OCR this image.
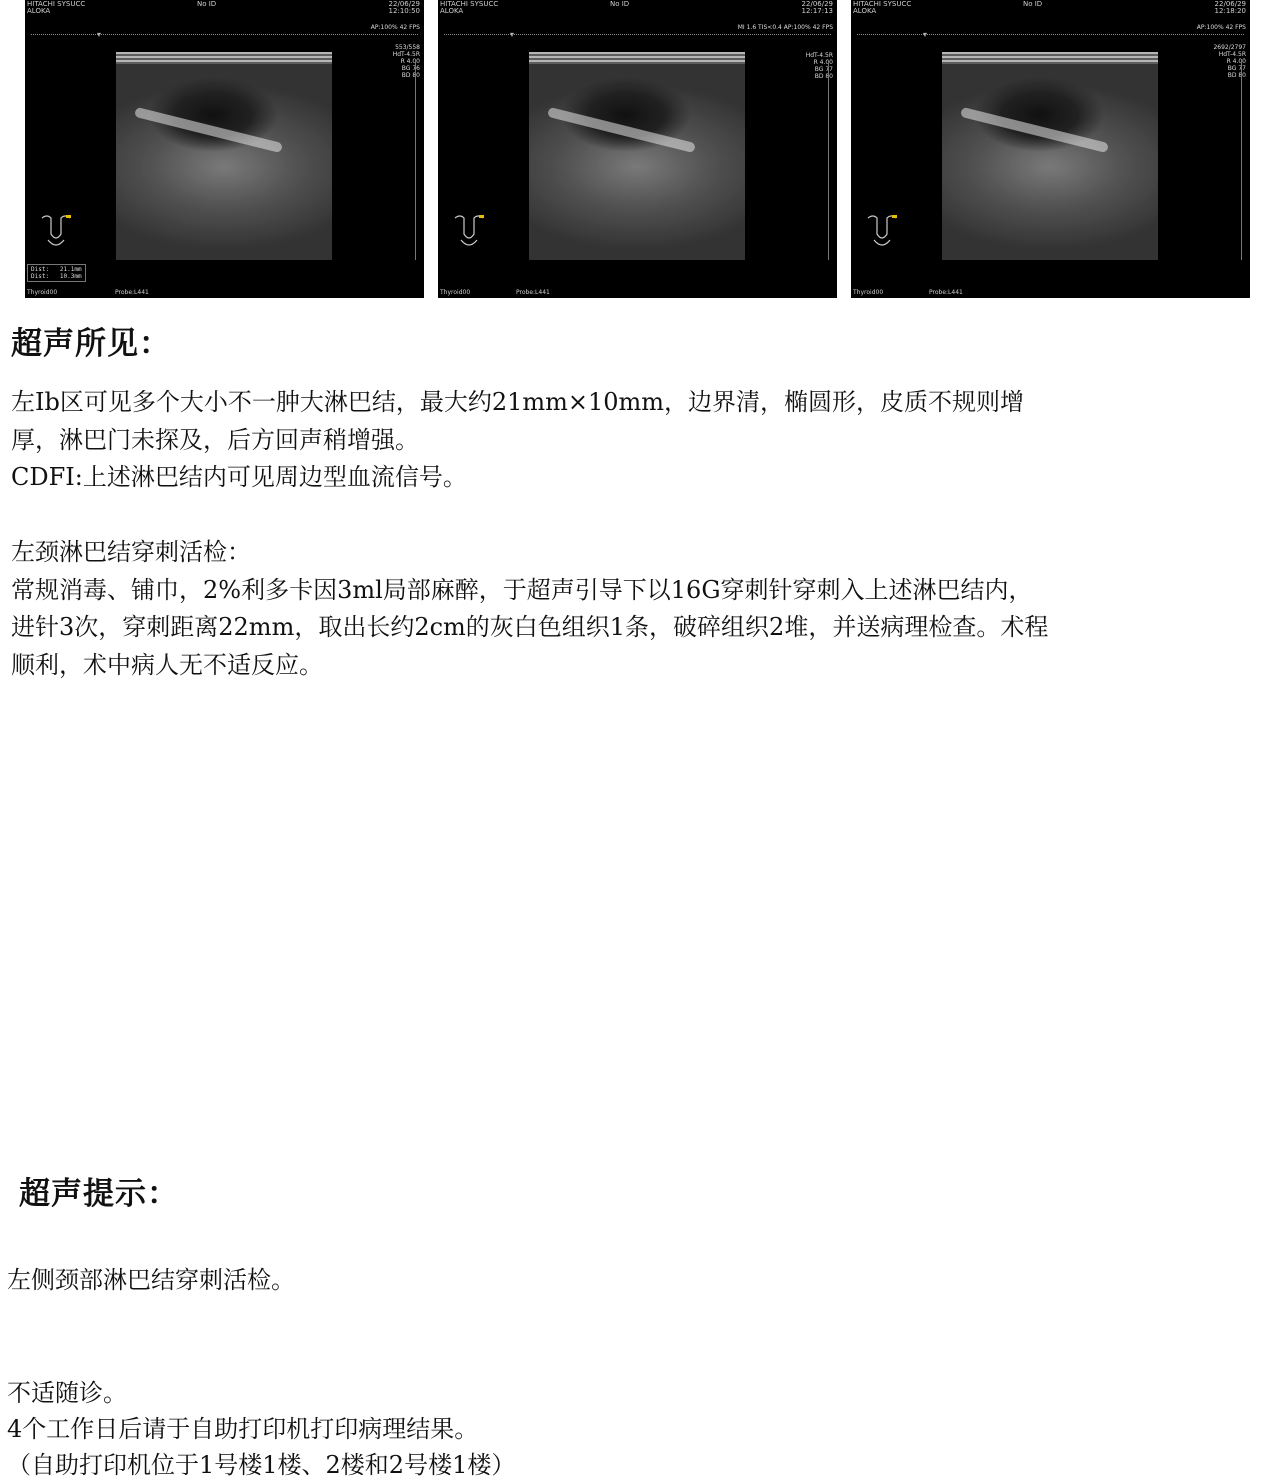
HITACHI SYSUCC
ALOKA
No ID	22/06/29
12:10:50
▾
AP:100% 42 FPS
553/558
HdT-4.5R
R 4.00
BG 76
BD 80
Dist:   21.1mm
Dist:   10.3mm
Thyroid00	Probe:L441
HITACHI SYSUCC
ALOKA
No ID	22/06/29
12:17:13
▾
MI 1.6 TIS<0.4 AP:100% 42 FPS
HdT-4.5R
R 4.00
BG 77
BD 80
Thyroid00	Probe:L441
HITACHI SYSUCC
ALOKA
No ID	22/06/29
12:18:20
▾
AP:100% 42 FPS
2692/2797
HdT-4.5R
R 4.00
BG 77
BD 80
Thyroid00	Probe:L441
超声所见：

左Ib区可见多个大小不一肿大淋巴结，最大约21mm×10mm，边界清，椭圆形，皮质不规则增

厚，淋巴门未探及，后方回声稍增强。

CDFI:上述淋巴结内可见周边型血流信号。

左颈淋巴结穿刺活检：

常规消毒、铺巾，2%利多卡因3ml局部麻醉，于超声引导下以16G穿刺针穿刺入上述淋巴结内，

进针3次，穿刺距离22mm，取出长约2cm的灰白色组织1条，破碎组织2堆，并送病理检查。术程

顺利，术中病人无不适反应。

超声提示：
左侧颈部淋巴结穿刺活检。

不适随诊。

4个工作日后请于自助打印机打印病理结果。

（自助打印机位于1号楼1楼、2楼和2号楼1楼）
